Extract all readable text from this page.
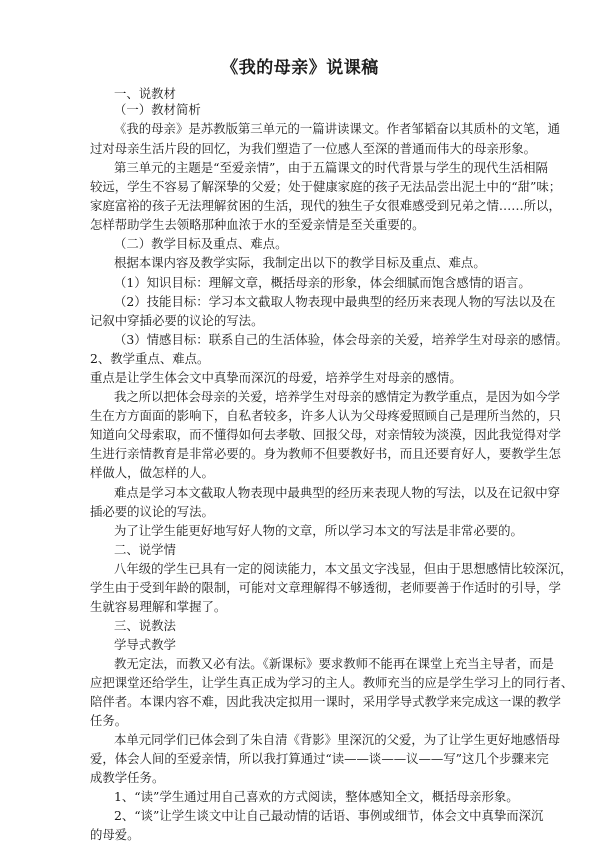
《我的母亲》说课稿
一、说教材
（一）教材简析
《我的母亲》是苏教版第三单元的一篇讲读课文。作者邹韬奋以其质朴的文笔，通
过对母亲生活片段的回忆，为我们塑造了一位感人至深的普通而伟大的母亲形象。
第三单元的主题是“至爱亲情”，由于五篇课文的时代背景与学生的现代生活相隔
较远，学生不容易了解深挚的父爱；处于健康家庭的孩子无法品尝出泥土中的“甜”味；
家庭富裕的孩子无法理解贫困的生活，现代的独生子女很难感受到兄弟之情……所以，
怎样帮助学生去领略那种血浓于水的至爱亲情是至关重要的。
（二）教学目标及重点、难点。
根据本课内容及教学实际，我制定出以下的教学目标及重点、难点。
（1）知识目标：理解文章，概括母亲的形象，体会细腻而饱含感情的语言。
（2）技能目标：学习本文截取人物表现中最典型的经历来表现人物的写法以及在
记叙中穿插必要的议论的写法。
（3）情感目标：联系自己的生活体验，体会母亲的关爱，培养学生对母亲的感情。
2、教学重点、难点。
重点是让学生体会文中真挚而深沉的母爱，培养学生对母亲的感情。
我之所以把体会母亲的关爱，培养学生对母亲的感情定为教学重点，是因为如今学
生在方方面面的影响下，自私者较多，许多人认为父母疼爱照顾自己是理所当然的，只
知道向父母索取，而不懂得如何去孝敬、回报父母，对亲情较为淡漠，因此我觉得对学
生进行亲情教育是非常必要的。身为教师不但要教好书，而且还要育好人，要教学生怎
样做人，做怎样的人。
难点是学习本文截取人物表现中最典型的经历来表现人物的写法，以及在记叙中穿
插必要的议论的写法。
为了让学生能更好地写好人物的文章，所以学习本文的写法是非常必要的。
二、说学情
八年级的学生已具有一定的阅读能力，本文虽文字浅显，但由于思想感情比较深沉，
学生由于受到年龄的限制，可能对文章理解得不够透彻，老师要善于作适时的引导，学
生就容易理解和掌握了。
三、说教法
学导式教学
教无定法，而教又必有法。《新课标》要求教师不能再在课堂上充当主导者，而是
应把课堂还给学生，让学生真正成为学习的主人。教师充当的应是学生学习上的同行者、
陪伴者。本课内容不难，因此我决定拟用一课时，采用学导式教学来完成这一课的教学
任务。
本单元同学们已体会到了朱自清《背影》里深沉的父爱，为了让学生更好地感悟母
爱，体会人间的至爱亲情，所以我打算通过“读——谈——议——写”这几个步骤来完
成教学任务。
1、“读”学生通过用自己喜欢的方式阅读，整体感知全文，概括母亲形象。
2、“谈”让学生谈文中让自己最动情的话语、事例或细节，体会文中真挚而深沉
的母爱。
